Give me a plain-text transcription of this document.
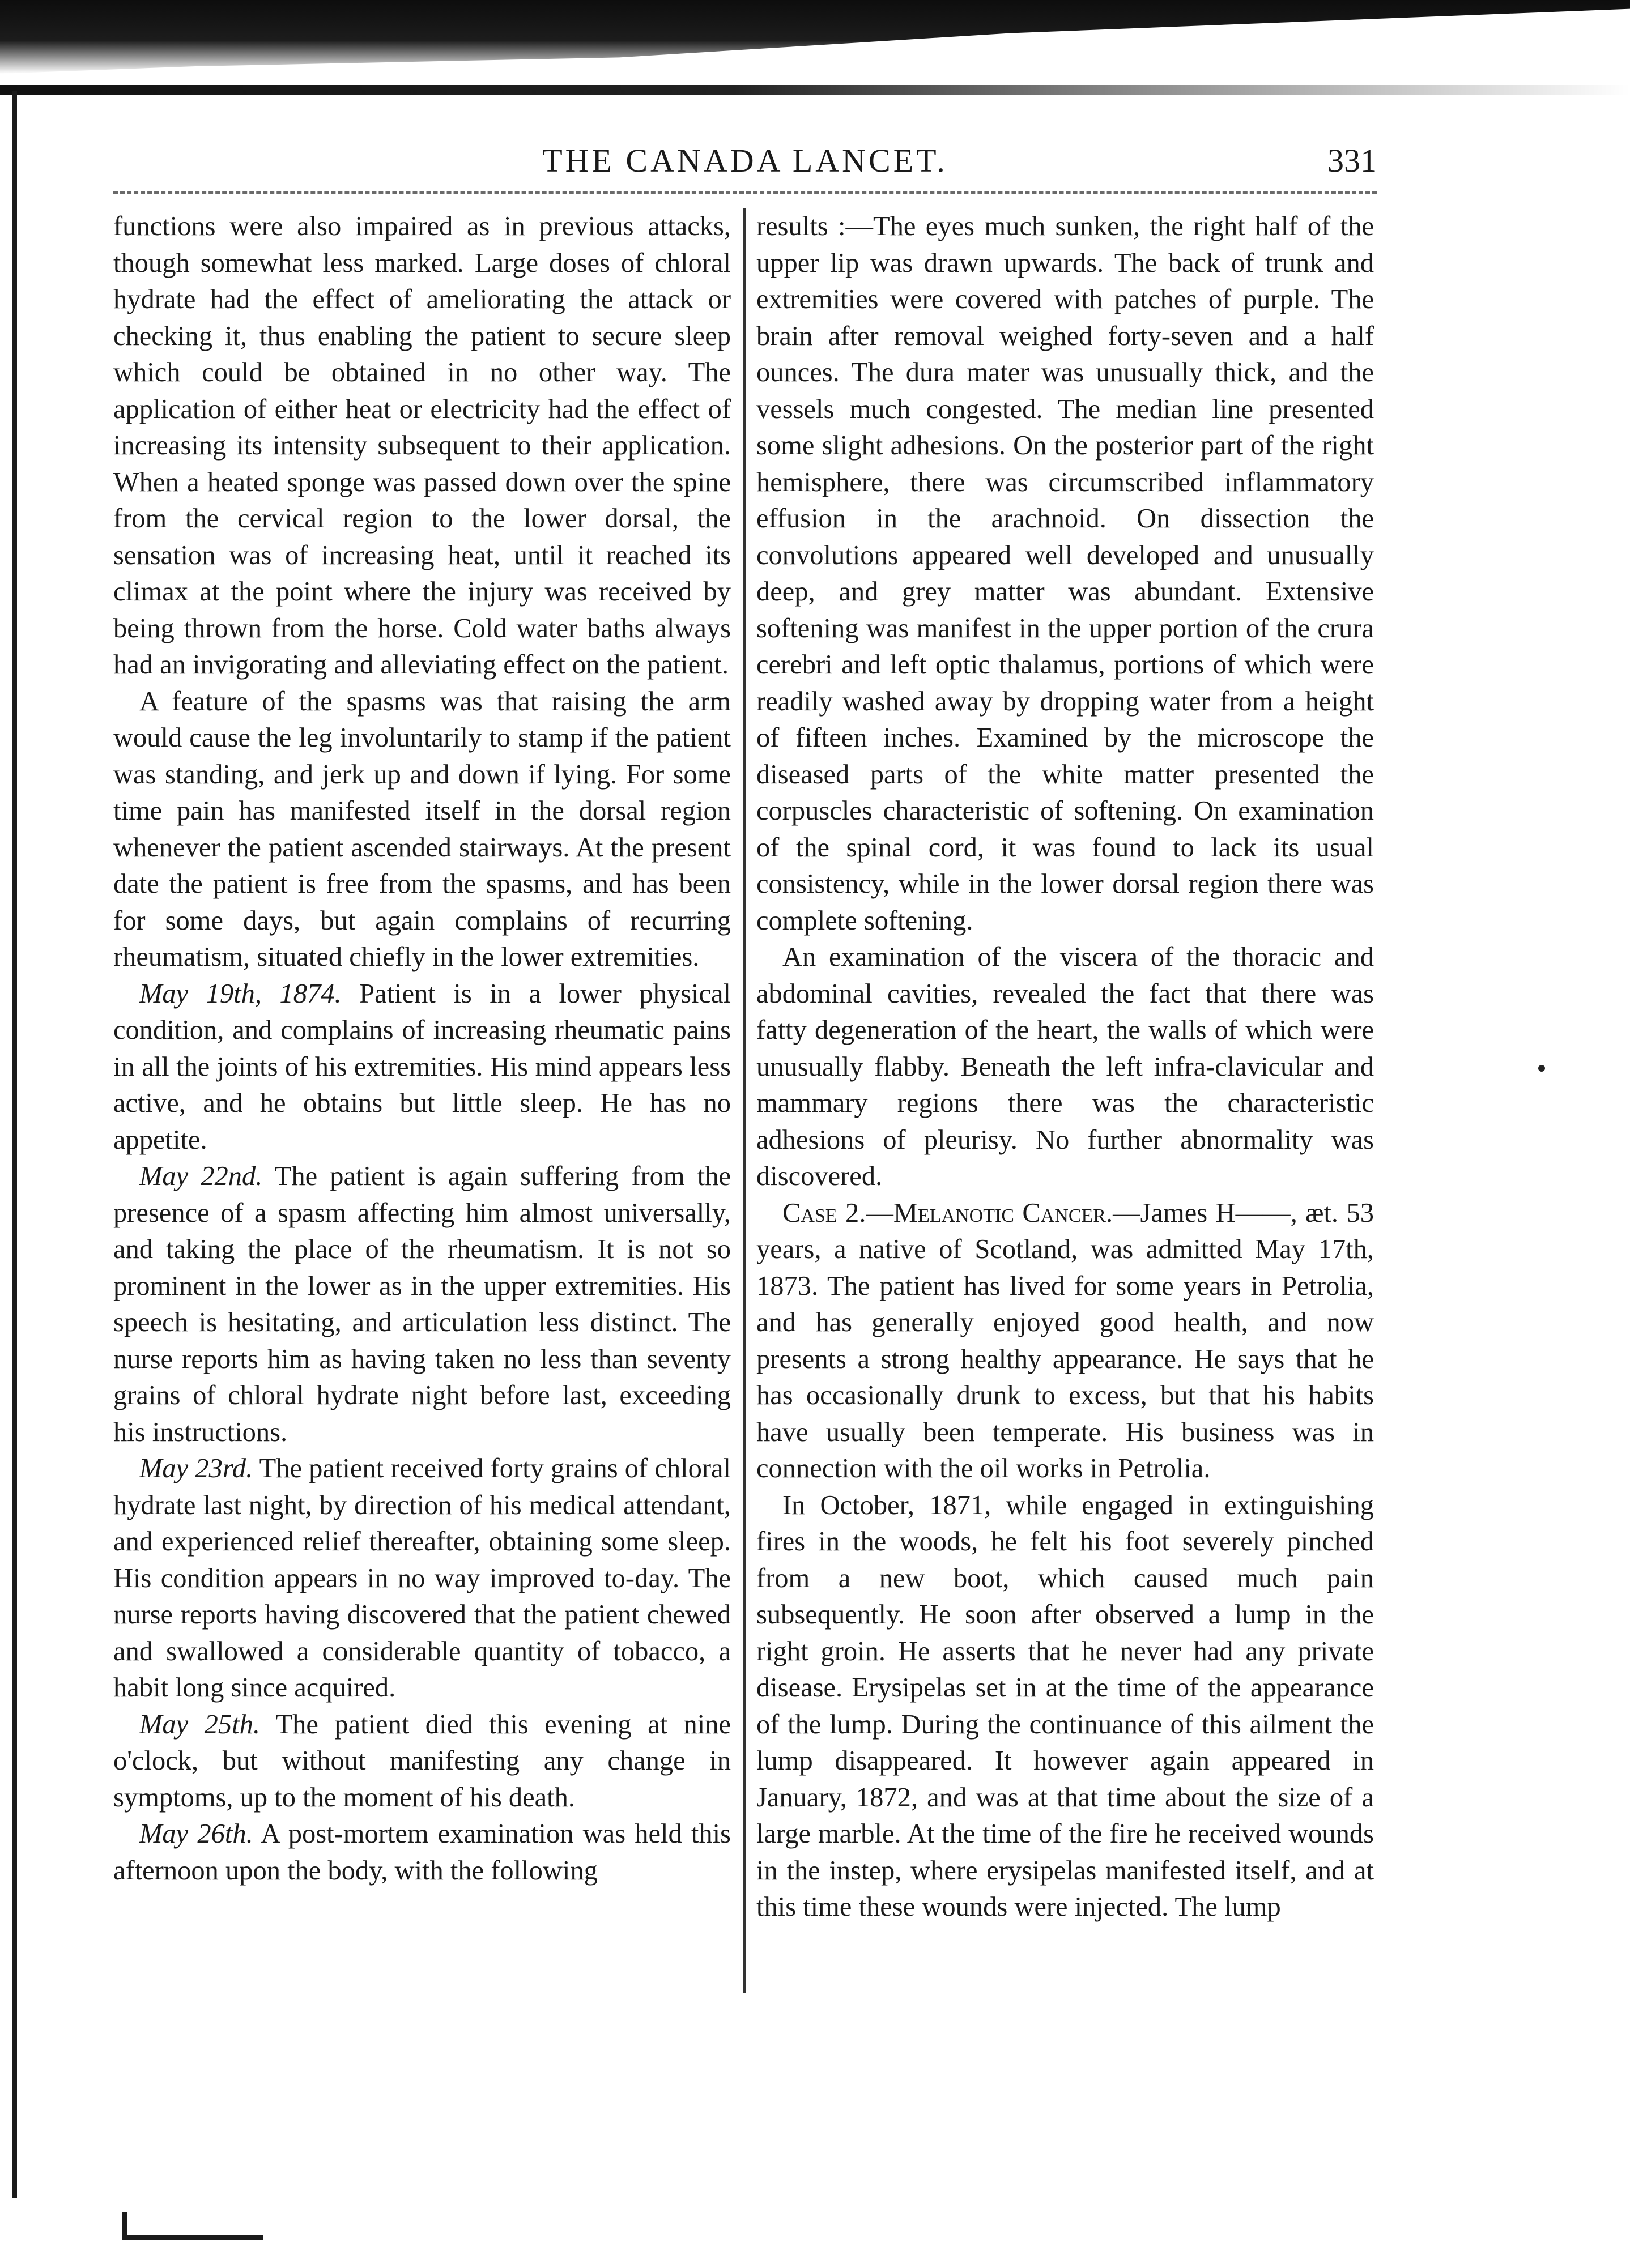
THE CANADA LANCET.	331

functions were also impaired as in previous attacks, though somewhat less marked. Large doses of chloral hydrate had the effect of ameliorating the attack or checking it, thus enabling the patient to secure sleep which could be obtained in no other way. The application of either heat or electricity had the effect of increasing its intensity subsequent to their application. When a heated sponge was passed down over the spine from the cervical region to the lower dorsal, the sensation was of increasing heat, until it reached its climax at the point where the injury was received by being thrown from the horse. Cold water baths always had an invigorating and alleviating effect on the patient.

A feature of the spasms was that raising the arm would cause the leg involuntarily to stamp if the patient was standing, and jerk up and down if lying. For some time pain has manifested itself in the dorsal region whenever the patient ascended stairways. At the present date the patient is free from the spasms, and has been for some days, but again complains of recurring rheumatism, situated chiefly in the lower extremities.

May 19th, 1874. Patient is in a lower physical condition, and complains of increasing rheumatic pains in all the joints of his extremities. His mind appears less active, and he obtains but little sleep. He has no appetite.

May 22nd. The patient is again suffering from the presence of a spasm affecting him almost universally, and taking the place of the rheumatism. It is not so prominent in the lower as in the upper extremities. His speech is hesitating, and articulation less distinct. The nurse reports him as having taken no less than seventy grains of chloral hydrate night before last, exceeding his instructions.

May 23rd. The patient received forty grains of chloral hydrate last night, by direction of his medical attendant, and experienced relief thereafter, obtaining some sleep. His condition appears in no way improved to-day. The nurse reports having discovered that the patient chewed and swallowed a considerable quantity of tobacco, a habit long since acquired.

May 25th. The patient died this evening at nine o'clock, but without manifesting any change in symptoms, up to the moment of his death.

May 26th. A post-mortem examination was held this afternoon upon the body, with the following

results :—The eyes much sunken, the right half of the upper lip was drawn upwards. The back of trunk and extremities were covered with patches of purple. The brain after removal weighed forty-seven and a half ounces. The dura mater was unusually thick, and the vessels much congested. The median line presented some slight adhesions. On the posterior part of the right hemisphere, there was circumscribed inflammatory effusion in the arachnoid. On dissection the convolutions appeared well developed and unusually deep, and grey matter was abundant. Extensive softening was manifest in the upper portion of the crura cerebri and left optic thalamus, portions of which were readily washed away by dropping water from a height of fifteen inches. Examined by the microscope the diseased parts of the white matter presented the corpuscles characteristic of softening. On examination of the spinal cord, it was found to lack its usual consistency, while in the lower dorsal region there was complete softening.

An examination of the viscera of the thoracic and abdominal cavities, revealed the fact that there was fatty degeneration of the heart, the walls of which were unusually flabby. Beneath the left infra-clavicular and mammary regions there was the characteristic adhesions of pleurisy. No further abnormality was discovered.

Case 2.—Melanotic Cancer.—James H——, æt. 53 years, a native of Scotland, was admitted May 17th, 1873. The patient has lived for some years in Petrolia, and has generally enjoyed good health, and now presents a strong healthy appearance. He says that he has occasionally drunk to excess, but that his habits have usually been temperate. His business was in connection with the oil works in Petrolia.

In October, 1871, while engaged in extinguishing fires in the woods, he felt his foot severely pinched from a new boot, which caused much pain subsequently. He soon after observed a lump in the right groin. He asserts that he never had any private disease. Erysipelas set in at the time of the appearance of the lump. During the continuance of this ailment the lump disappeared. It however again appeared in January, 1872, and was at that time about the size of a large marble. At the time of the fire he received wounds in the instep, where erysipelas manifested itself, and at this time these wounds were injected. The lump
